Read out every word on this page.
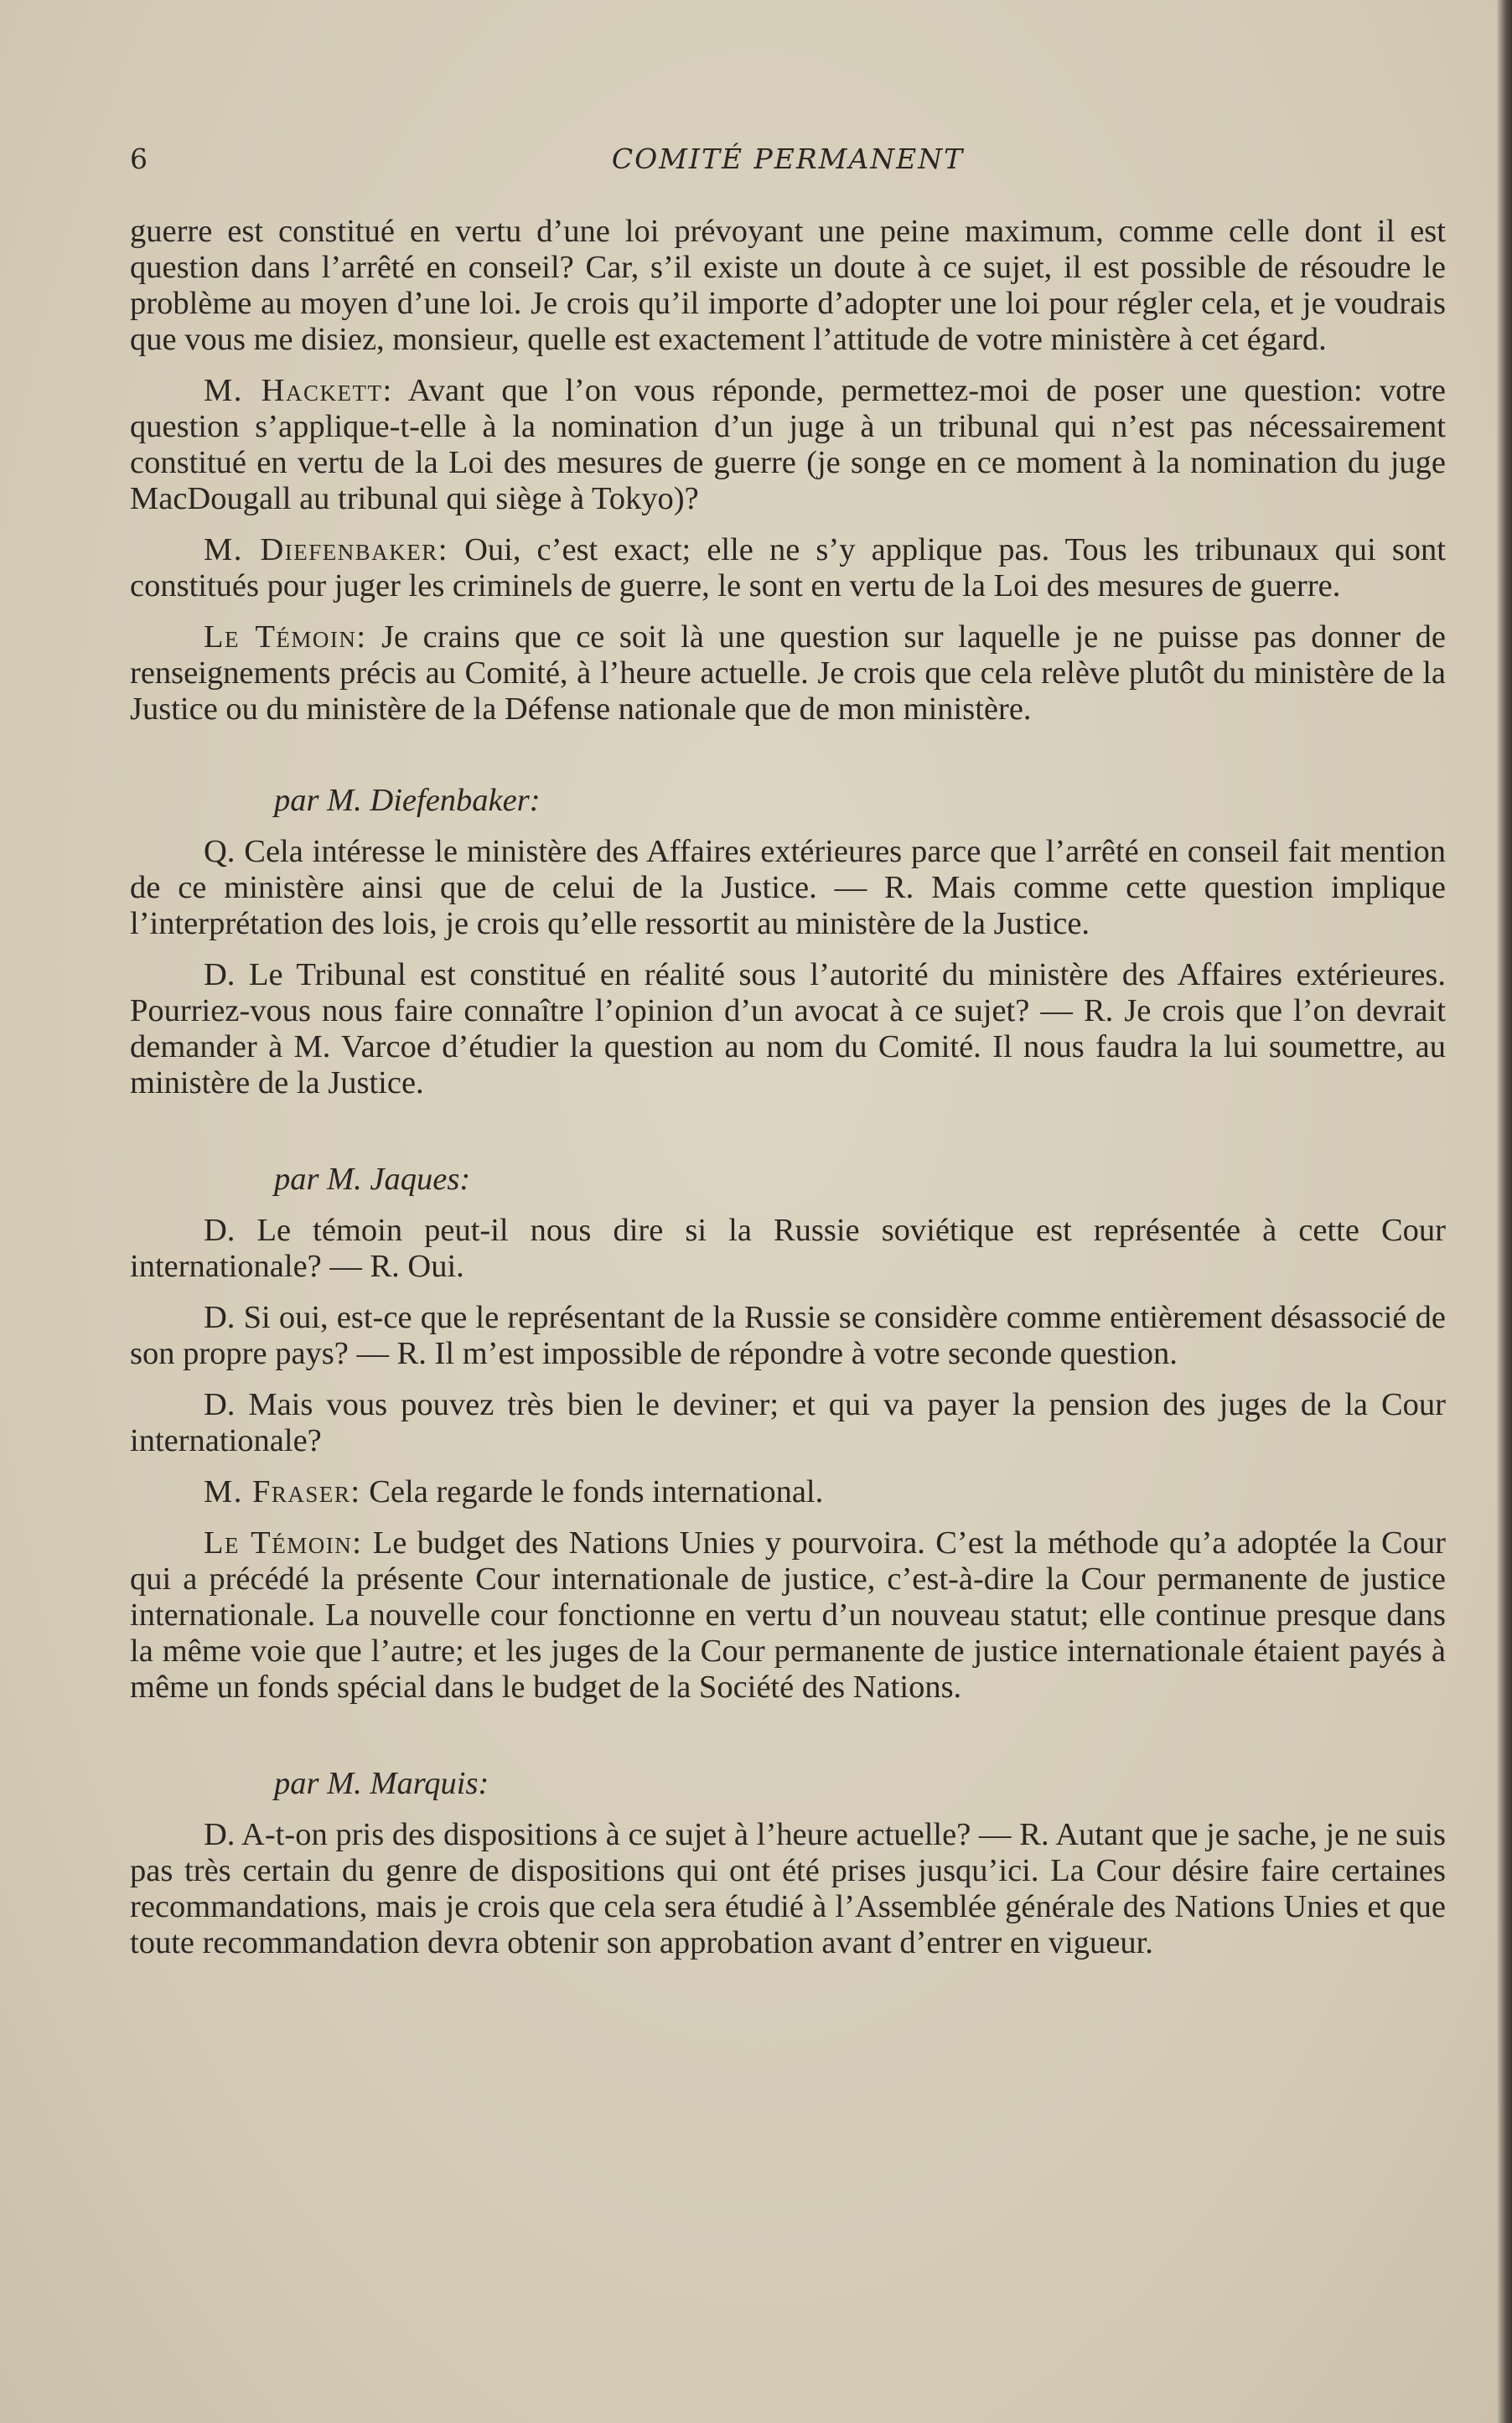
6	COMITÉ PERMANENT

guerre est constitué en vertu d’une loi prévoyant une peine maximum, comme celle dont il est question dans l’arrêté en conseil? Car, s’il existe un doute à ce sujet, il est possible de résoudre le problème au moyen d’une loi. Je crois qu’il importe d’adopter une loi pour régler cela, et je voudrais que vous me disiez, monsieur, quelle est exactement l’attitude de votre ministère à cet égard.

M. Hackett: Avant que l’on vous réponde, permettez-moi de poser une question: votre question s’applique-t-elle à la nomination d’un juge à un tribunal qui n’est pas nécessairement constitué en vertu de la Loi des mesures de guerre (je songe en ce moment à la nomination du juge MacDougall au tribunal qui siège à Tokyo)?

M. Diefenbaker: Oui, c’est exact; elle ne s’y applique pas. Tous les tribunaux qui sont constitués pour juger les criminels de guerre, le sont en vertu de la Loi des mesures de guerre.

Le Témoin: Je crains que ce soit là une question sur laquelle je ne puisse pas donner de renseignements précis au Comité, à l’heure actuelle. Je crois que cela relève plutôt du ministère de la Justice ou du ministère de la Défense nationale que de mon ministère.

par M. Diefenbaker:

Q. Cela intéresse le ministère des Affaires extérieures parce que l’arrêté en conseil fait mention de ce ministère ainsi que de celui de la Justice. — R. Mais comme cette question implique l’interprétation des lois, je crois qu’elle ressortit au ministère de la Justice.

D. Le Tribunal est constitué en réalité sous l’autorité du ministère des Affaires extérieures. Pourriez-vous nous faire connaître l’opinion d’un avocat à ce sujet? — R. Je crois que l’on devrait demander à M. Varcoe d’étudier la question au nom du Comité. Il nous faudra la lui soumettre, au ministère de la Justice.

par M. Jaques:

D. Le témoin peut-il nous dire si la Russie soviétique est représentée à cette Cour internationale? — R. Oui.

D. Si oui, est-ce que le représentant de la Russie se considère comme entièrement désassocié de son propre pays? — R. Il m’est impossible de répondre à votre seconde question.

D. Mais vous pouvez très bien le deviner; et qui va payer la pension des juges de la Cour internationale?

M. Fraser: Cela regarde le fonds international.

Le Témoin: Le budget des Nations Unies y pourvoira. C’est la méthode qu’a adoptée la Cour qui a précédé la présente Cour internationale de justice, c’est-à-dire la Cour permanente de justice internationale. La nouvelle cour fonctionne en vertu d’un nouveau statut; elle continue presque dans la même voie que l’autre; et les juges de la Cour permanente de justice internationale étaient payés à même un fonds spécial dans le budget de la Société des Nations.

par M. Marquis:

D. A-t-on pris des dispositions à ce sujet à l’heure actuelle? — R. Autant que je sache, je ne suis pas très certain du genre de dispositions qui ont été prises jusqu’ici. La Cour désire faire certaines recommandations, mais je crois que cela sera étudié à l’Assemblée générale des Nations Unies et que toute recommandation devra obtenir son approbation avant d’entrer en vigueur.
